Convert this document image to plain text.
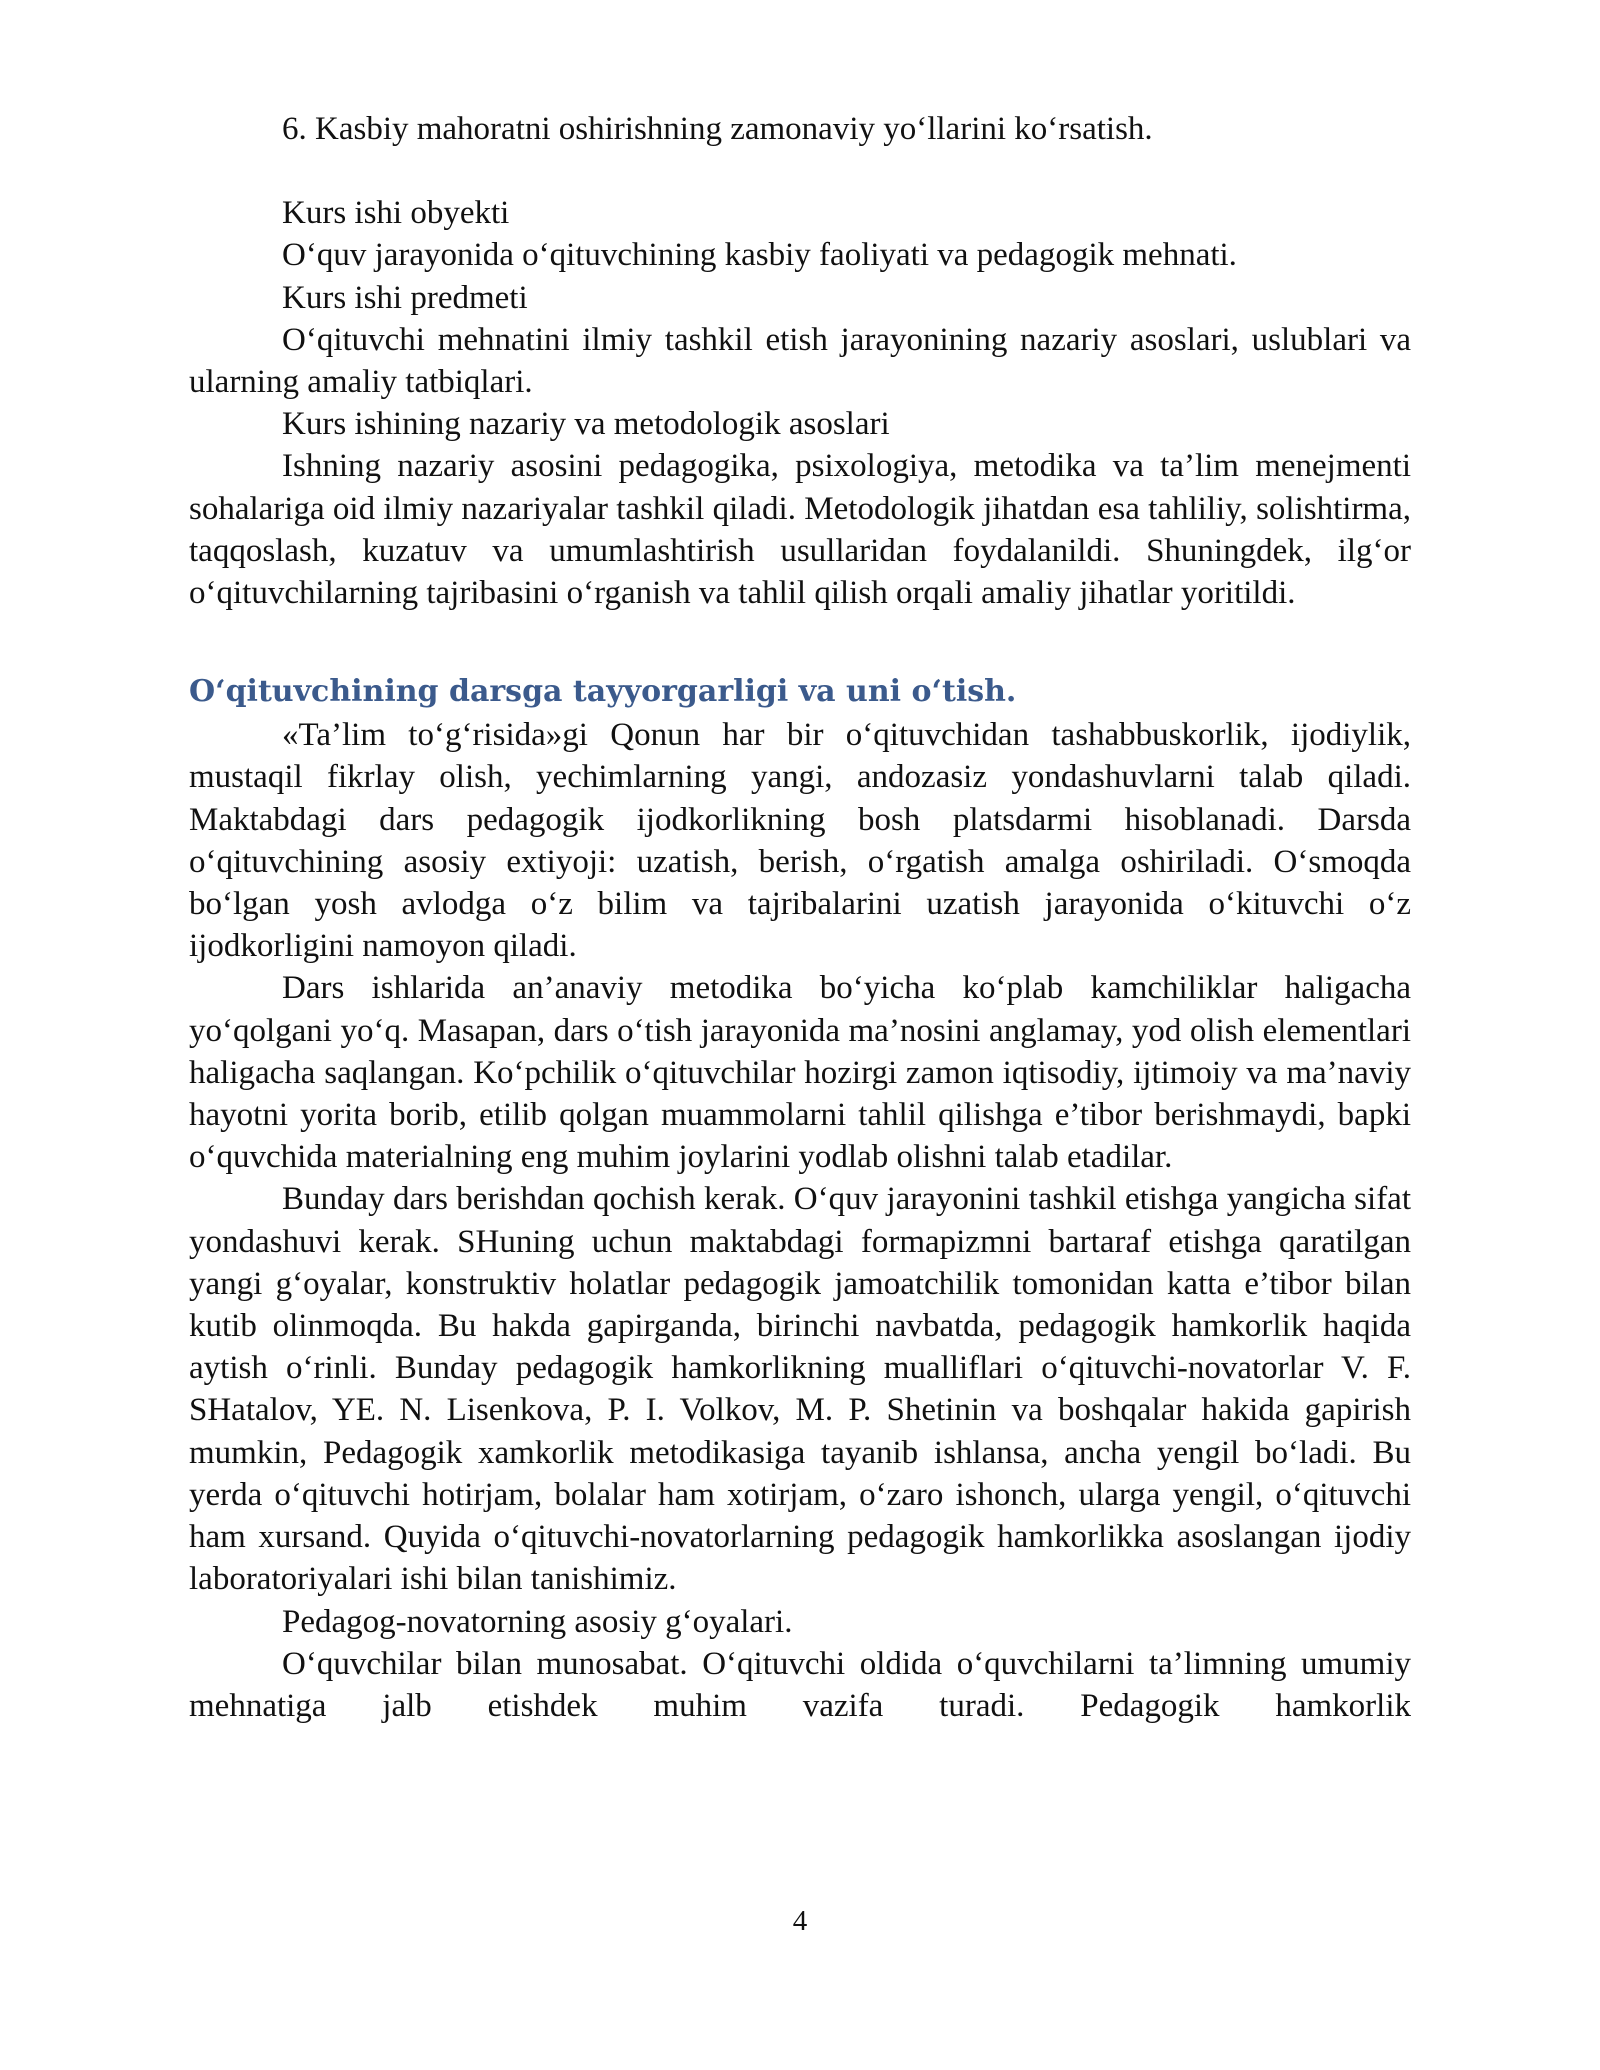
6. Kasbiy mahoratni oshirishning zamonaviy yo‘llarini ko‘rsatish.

Kurs ishi obyekti

O‘quv jarayonida o‘qituvchining kasbiy faoliyati va pedagogik mehnati.

Kurs ishi predmeti

O‘qituvchi mehnatini ilmiy tashkil etish jarayonining nazariy asoslari, uslublari va ularning amaliy tatbiqlari.

Kurs ishining nazariy va metodologik asoslari

Ishning nazariy asosini pedagogika, psixologiya, metodika va ta’lim menejmenti sohalariga oid ilmiy nazariyalar tashkil qiladi. Metodologik jihatdan esa tahliliy, solishtirma, taqqoslash, kuzatuv va umumlashtirish usullaridan foydalanildi. Shuningdek, ilg‘or o‘qituvchilarning tajribasini o‘rganish va tahlil qilish orqali amaliy jihatlar yoritildi.

O‘qituvchining darsga tayyorgarligi va uni o‘tish.

«Ta’lim to‘g‘risida»gi Qonun har bir o‘qituvchidan tashabbuskorlik, ijodiylik, mustaqil fikrlay olish, yechimlarning yangi, andozasiz yondashuvlarni talab qiladi. Maktabdagi dars pedagogik ijodkorlikning bosh platsdarmi hisoblanadi. Darsda o‘qituvchining asosiy extiyoji: uzatish, berish, o‘rgatish amalga oshiriladi. O‘smoqda bo‘lgan yosh avlodga o‘z bilim va tajribalarini uzatish jarayonida o‘kituvchi o‘z ijodkorligini namoyon qiladi.

Dars ishlarida an’anaviy metodika bo‘yicha ko‘plab kamchiliklar haligacha yo‘qolgani yo‘q. Masapan, dars o‘tish jarayonida ma’nosini anglamay, yod olish elementlari haligacha saqlangan. Ko‘pchilik o‘qituvchilar hozirgi zamon iqtisodiy, ijtimoiy va ma’naviy hayotni yorita borib, etilib qolgan muammolarni tahlil qilishga e’tibor berishmaydi, bapki o‘quvchida materialning eng muhim joylarini yodlab olishni talab etadilar.

Bunday dars berishdan qochish kerak. O‘quv jarayonini tashkil etishga yangicha sifat yondashuvi kerak. SHuning uchun maktabdagi formapizmni bartaraf etishga qaratilgan yangi g‘oyalar, konstruktiv holatlar pedagogik jamoatchilik tomonidan katta e’tibor bilan kutib olinmoqda. Bu hakda gapirganda, birinchi navbatda, pedagogik hamkorlik haqida aytish o‘rinli. Bunday pedagogik hamkorlikning mualliflari o‘qituvchi-novatorlar V. F. SHatalov, YE. N. Lisenkova, P. I. Volkov, M. P. Shetinin va boshqalar hakida gapirish mumkin, Pedagogik xamkorlik metodikasiga tayanib ishlansa, ancha yengil bo‘ladi. Bu yerda o‘qituvchi hotirjam, bolalar ham xotirjam, o‘zaro ishonch, ularga yengil, o‘qituvchi ham xursand. Quyida o‘qituvchi-novatorlarning pedagogik hamkorlikka asoslangan ijodiy laboratoriyalari ishi bilan tanishimiz.

Pedagog-novatorning asosiy g‘oyalari.

O‘quvchilar bilan munosabat. O‘qituvchi oldida o‘quvchilarni ta’limning umumiy mehnatiga jalb etishdek muhim vazifa turadi. Pedagogik hamkorlik

4
